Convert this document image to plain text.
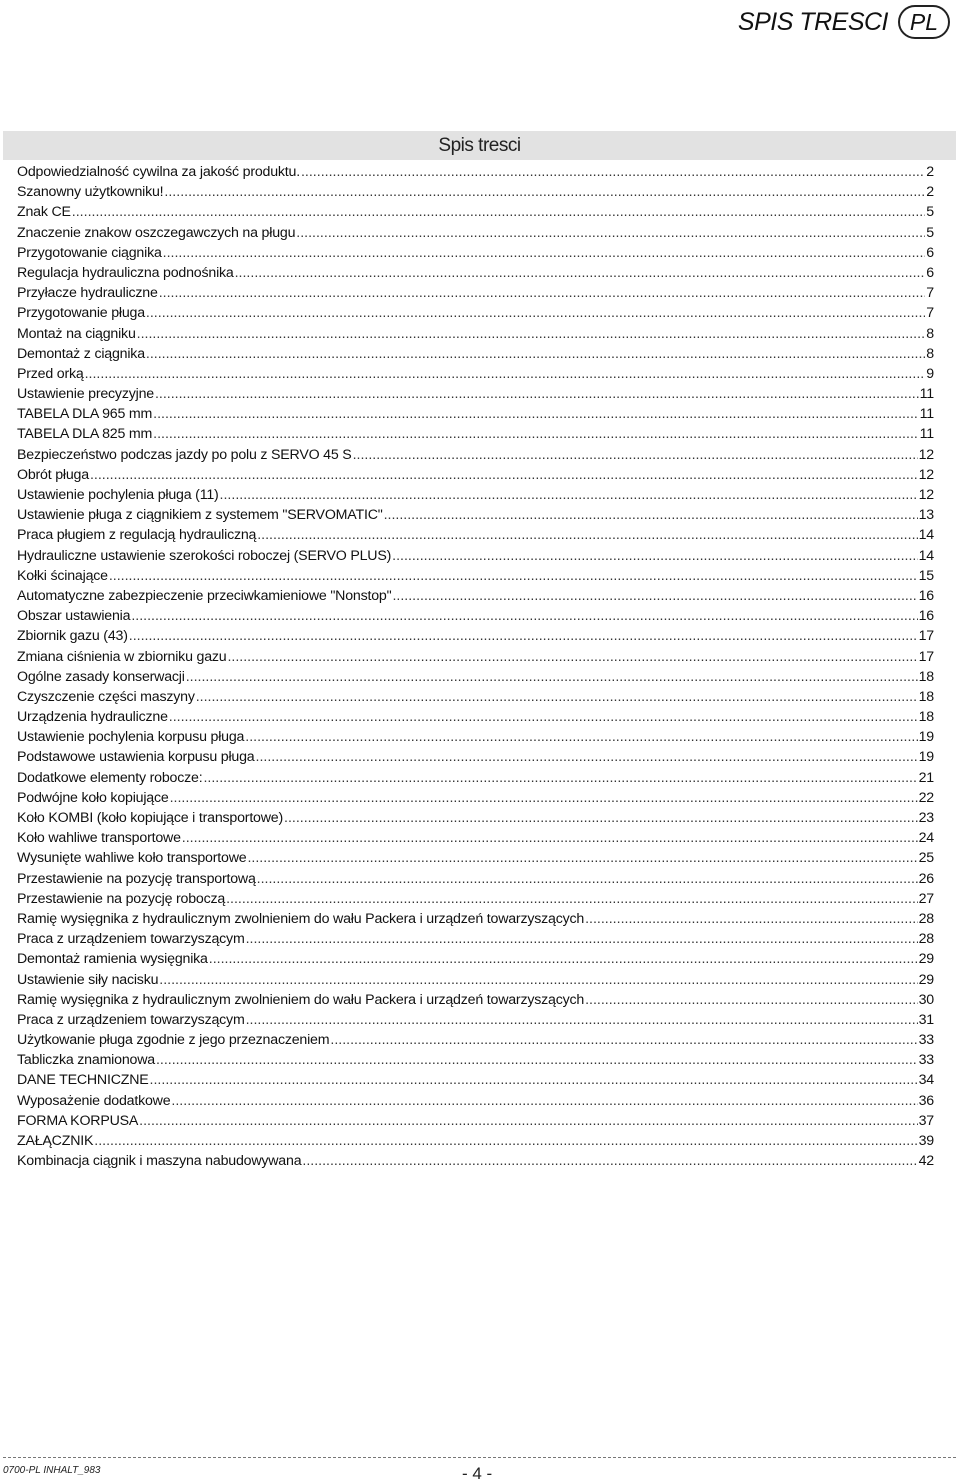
SPIS TRESCI PL
Spis tresci
Odpowiedzialność cywilna za jakość produktu. .....	2
Szanowny użytkowniku! .....	2
Znak CE .....	5
Znaczenie znakow oszczegawczych na pługu .....	5
Przygotowanie ciągnika .....	6
Regulacja hydrauliczna podnośnika .....	6
Przyłacze hydrauliczne .....	7
Przygotowanie pługa .....	7
Montaż na ciągniku .....	8
Demontaż z ciągnika .....	8
Przed orką .....	9
Ustawienie precyzyjne .....	11
TABELA DLA 965 mm .....	11
TABELA DLA 825 mm .....	11
Bezpieczeństwo podczas jazdy po polu z SERVO 45 S .....	12
Obrót pługa .....	12
Ustawienie pochylenia pługa (11) .....	12
Ustawienie pługa z ciągnikiem z systemem "SERVOMATIC" .....	13
Praca pługiem z regulacją hydrauliczną .....	14
Hydrauliczne ustawienie szerokości roboczej (SERVO PLUS) .....	14
Kołki ścinające .....	15
Automatyczne zabezpieczenie przeciwkamieniowe "Nonstop" .....	16
Obszar ustawienia .....	16
Zbiornik gazu (43) .....	17
Zmiana ciśnienia w zbiorniku gazu .....	17
Ogólne zasady konserwacji .....	18
Czyszczenie części maszyny .....	18
Urządzenia hydrauliczne .....	18
Ustawienie pochylenia korpusu pługa .....	19
Podstawowe ustawienia korpusu pługa .....	19
Dodatkowe elementy robocze: .....	21
Podwójne koło kopiujące .....	22
Koło KOMBI (koło kopiujące i transportowe) .....	23
Koło wahliwe transportowe .....	24
Wysunięte wahliwe koło transportowe .....	25
Przestawienie na pozycję transportową .....	26
Przestawienie na pozycję roboczą .....	27
Ramię wysięgnika z hydraulicznym zwolnieniem do wału Packera i urządzeń towarzyszących .....	28
Praca z urządzeniem towarzyszącym .....	28
Demontaż ramienia wysięgnika .....	29
Ustawienie siły nacisku .....	29
Ramię wysięgnika z hydraulicznym zwolnieniem do wału Packera i urządzeń towarzyszących .....	30
Praca z urządzeniem towarzyszącym .....	31
Użytkowanie pługa zgodnie z jego przeznaczeniem .....	33
Tabliczka znamionowa .....	33
DANE TECHNICZNE .....	34
Wyposażenie dodatkowe .....	36
FORMA KORPUSA .....	37
ZAŁĄCZNIK .....	39
Kombinacja ciągnik i maszyna nabudowywana .....	42
0700-PL INHALT_983	- 4 -
